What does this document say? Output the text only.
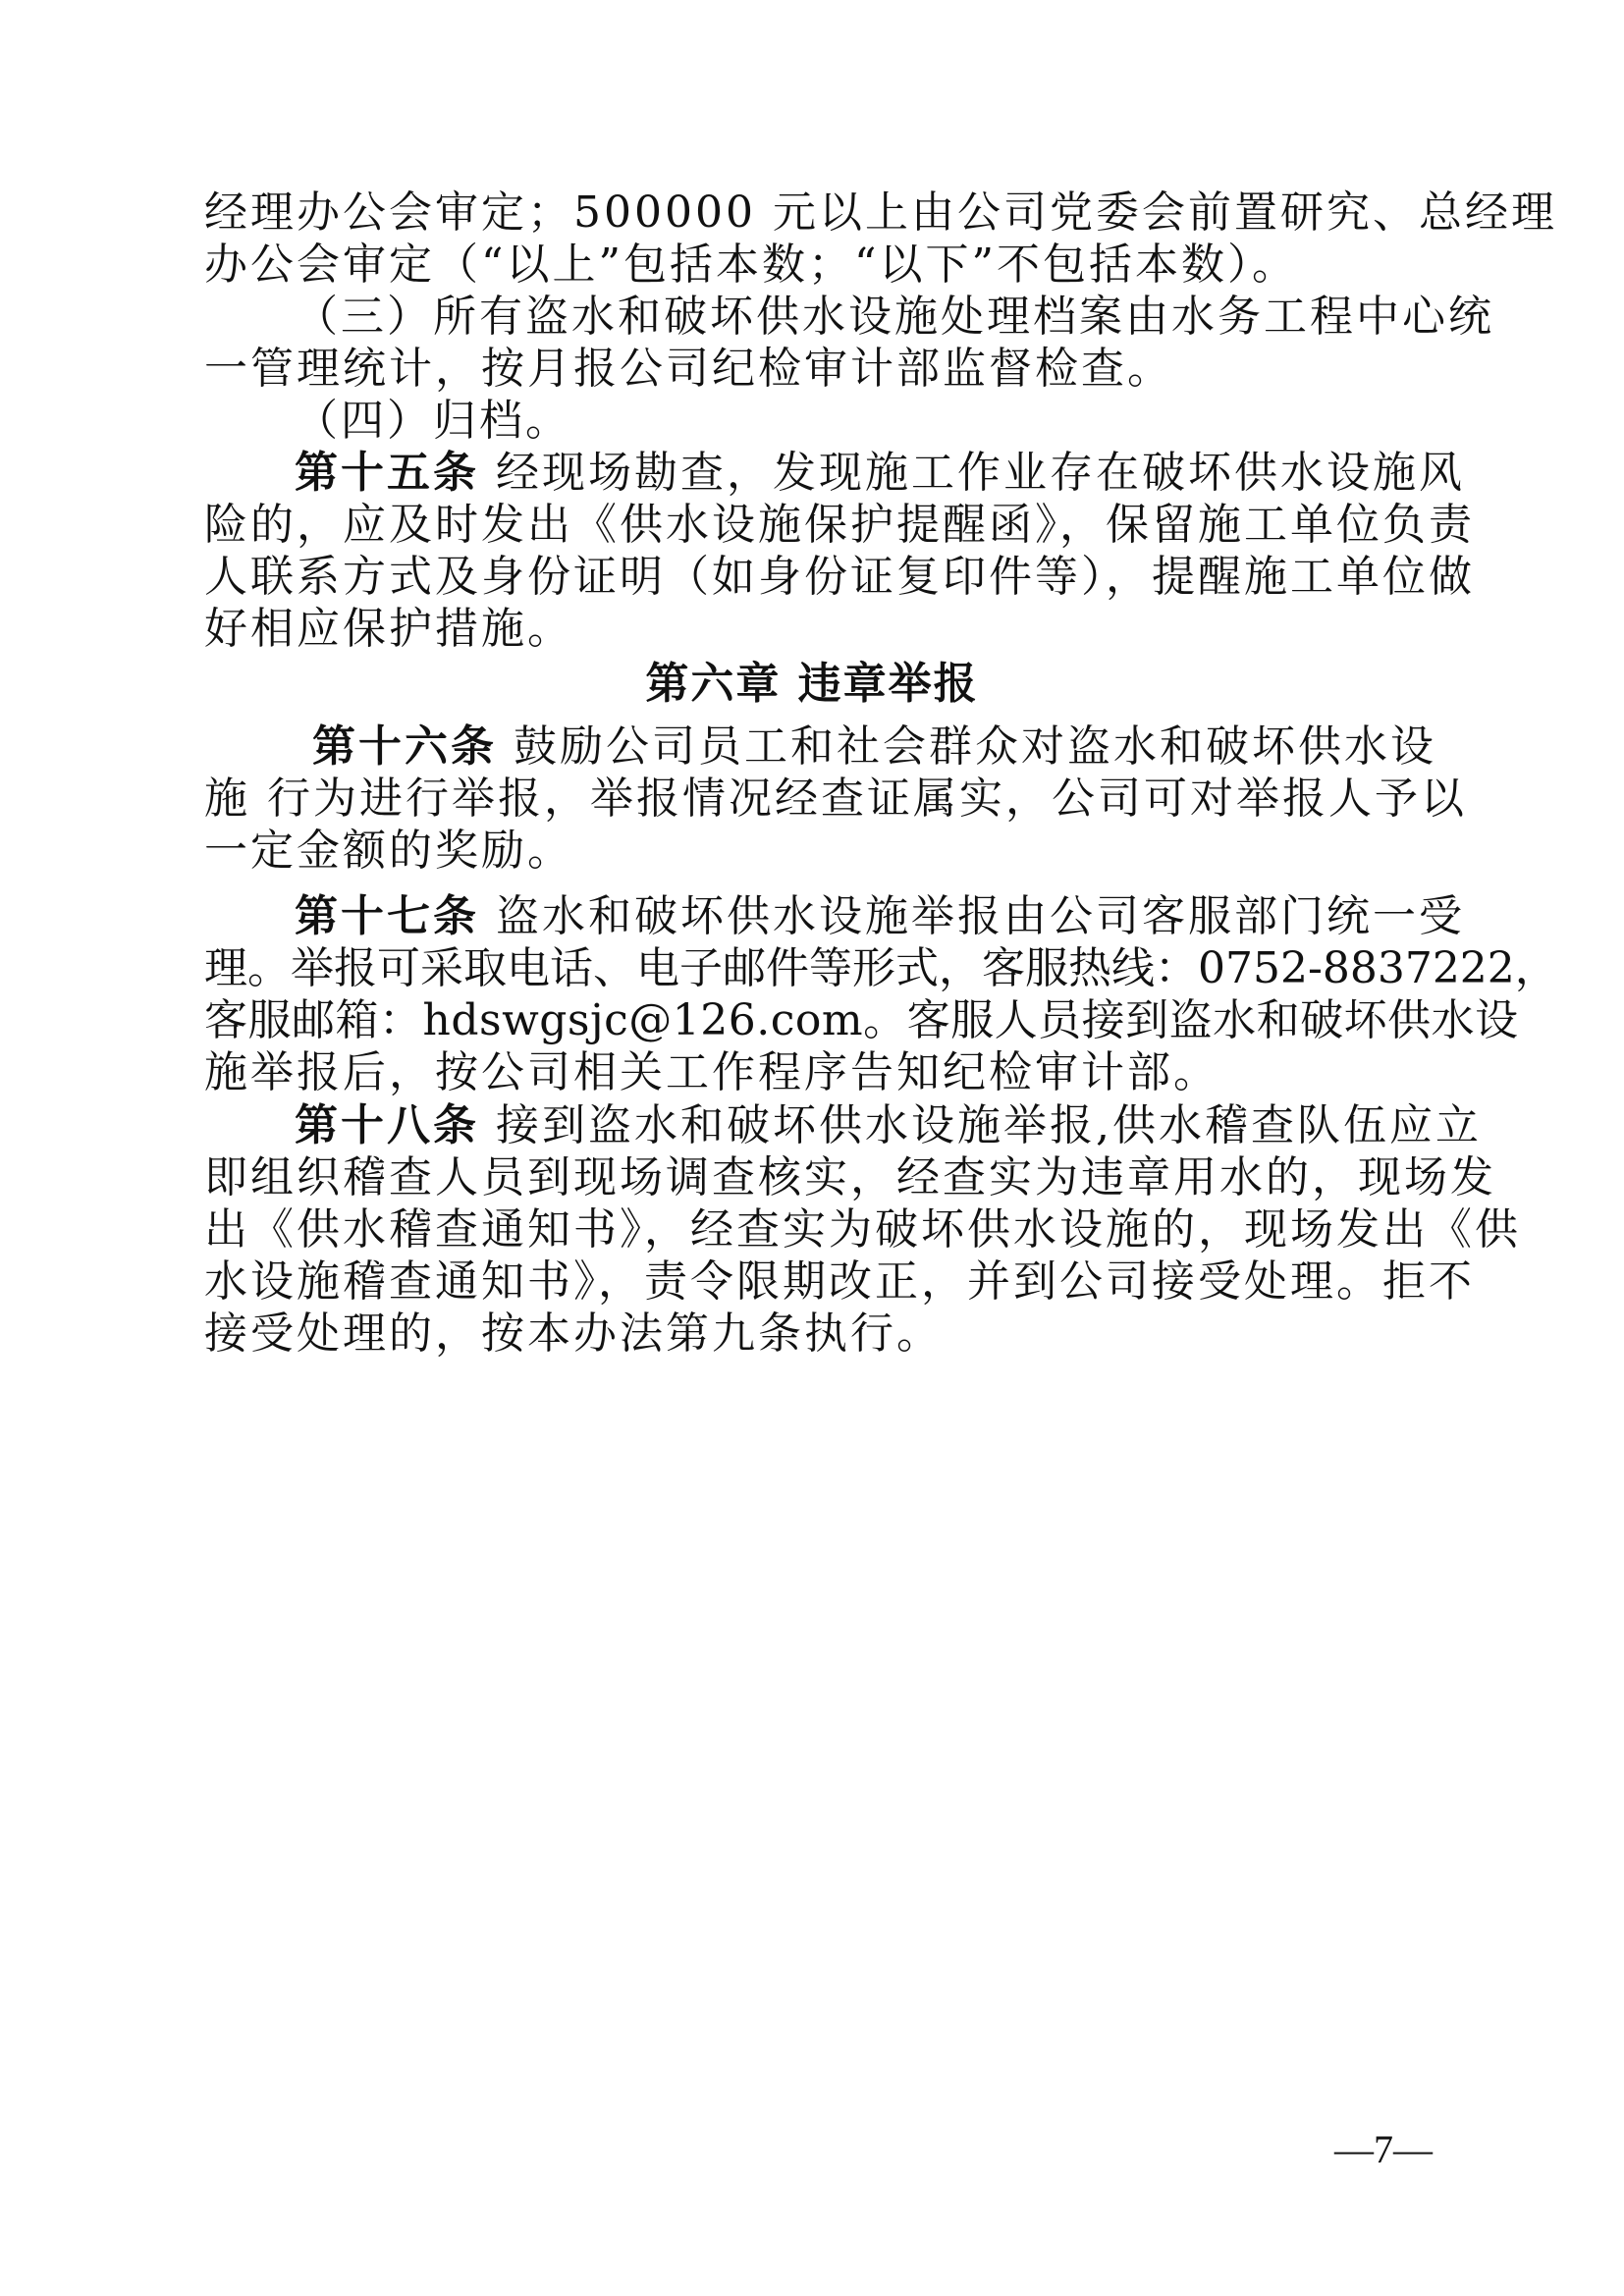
经理办公会审定；500000 元以上由公司党委会前置研究、总经理
办公会审定（“以上”包括本数；“以下”不包括本数）。
（三）所有盗水和破坏供水设施处理档案由水务工程中心统
一管理统计，按月报公司纪检审计部监督检查。
（四）归档。
第十五条 经现场勘查，发现施工作业存在破坏供水设施风
险的，应及时发出《供水设施保护提醒函》，保留施工单位负责
人联系方式及身份证明（如身份证复印件等），提醒施工单位做
好相应保护措施。
第六章 违章举报
第十六条 鼓励公司员工和社会群众对盗水和破坏供水设
施 行为进行举报，举报情况经查证属实，公司可对举报人予以
一定金额的奖励。
第十七条 盗水和破坏供水设施举报由公司客服部门统一受
理。举报可采取电话、电子邮件等形式，客服热线：0752-8837222，
客服邮箱：hdswgsjc@126.com。客服人员接到盗水和破坏供水设
施举报后，按公司相关工作程序告知纪检审计部。
第十八条 接到盗水和破坏供水设施举报,供水稽查队伍应立
即组织稽查人员到现场调查核实，经查实为违章用水的，现场发
出《供水稽查通知书》，经查实为破坏供水设施的，现场发出《供
水设施稽查通知书》，责令限期改正，并到公司接受处理。拒不
接受处理的，按本办法第九条执行。
—7—
